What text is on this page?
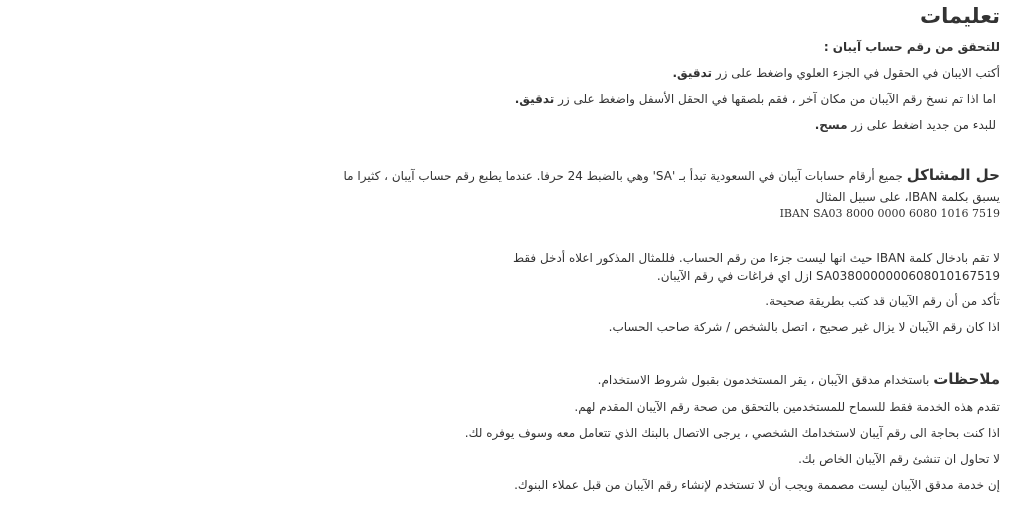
تعليمات

للتحقق من رقم حساب آيبان :

أكتب الايبان في الحقول في الجزء العلوي واضغط على زر تدقيق.

اما اذا تم نسخ رقم الآيبان من مكان آخر ، فقم بلصقها في الحقل الأسفل واضغط على زر تدقيق.

للبدء من جديد اضغط على زر مسح.

حل المشاكل جميع أرقام حسابات آيبان في السعودية تبدأ بـ 'SA' وهي بالضبط 24 حرفا. عندما يطبع رقم حساب آيبان ، كثيرا ما

يسبق بكلمة IBAN، على سبيل المثال

IBAN SA03 8000 0000 6080 1016 7519

لا تقم بادخال كلمة IBAN حيث انها ليست جزءا من رقم الحساب. فللمثال المذكور اعلاه أدخل فقط

SA0380000000608010167519 ازل اي فراغات في رقم الآيبان.

تأكد من أن رقم الآيبان قد كتب بطريقة صحيحة.

اذا كان رقم الآيبان لا يزال غير صحيح ، اتصل بالشخص / شركة صاحب الحساب.

ملاحظات باستخدام مدقق الآيبان ، يقر المستخدمون بقبول شروط الاستخدام.

تقدم هذه الخدمة فقط للسماح للمستخدمين بالتحقق من صحة رقم الآيبان المقدم لهم.

اذا كنت بحاجة الى رقم آيبان لاستخدامك الشخصي ، يرجى الاتصال بالبنك الذي تتعامل معه وسوف يوفره لك.

لا تحاول ان تنشئ رقم الآيبان الخاص بك.

إن خدمة مدقق الآيبان ليست مصممة ويجب أن لا تستخدم لإنشاء رقم الآيبان من قبل عملاء البنوك.
